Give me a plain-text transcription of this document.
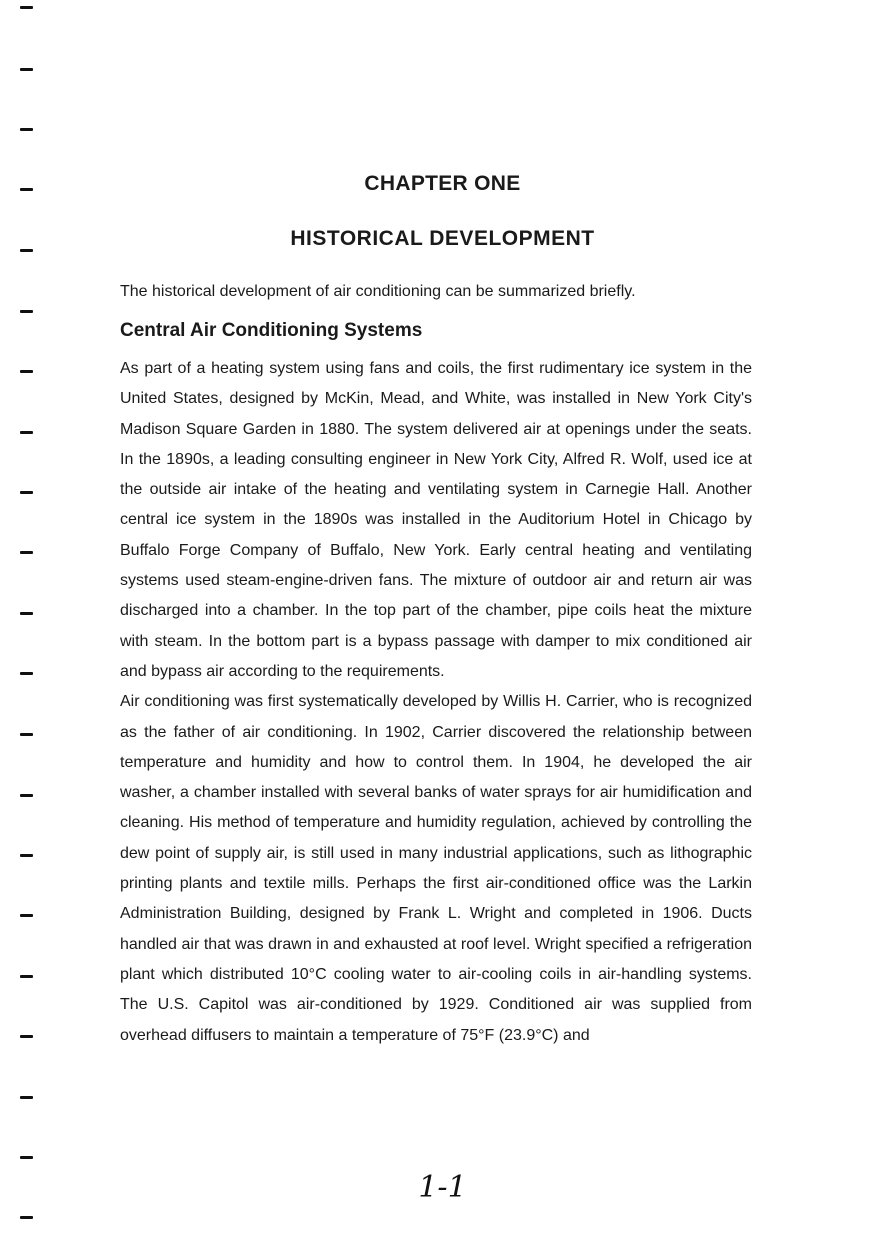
CHAPTER ONE
HISTORICAL DEVELOPMENT
The historical development of air conditioning can be summarized briefly.
Central Air Conditioning Systems

As part of a heating system using fans and coils, the first rudimentary ice system in the United States, designed by McKin, Mead, and White, was installed in New York City's Madison Square Garden in 1880. The system delivered air at openings under the seats. In the 1890s, a leading consulting engineer in New York City, Alfred R. Wolf, used ice at the outside air intake of the heating and ventilating system in Carnegie Hall. Another central ice system in the 1890s was installed in the Auditorium Hotel in Chicago by Buffalo Forge Company of Buffalo, New York. Early central heating and ventilating systems used steam-engine-driven fans. The mixture of outdoor air and return air was discharged into a chamber. In the top part of the chamber, pipe coils heat the mixture with steam. In the bottom part is a bypass passage with damper to mix conditioned air and bypass air according to the requirements.

Air conditioning was first systematically developed by Willis H. Carrier, who is recognized as the father of air conditioning. In 1902, Carrier discovered the relationship between temperature and humidity and how to control them. In 1904, he developed the air washer, a chamber installed with several banks of water sprays for air humidification and cleaning. His method of temperature and humidity regulation, achieved by controlling the dew point of supply air, is still used in many industrial applications, such as lithographic printing plants and textile mills. Perhaps the first air-conditioned office was the Larkin Administration Building, designed by Frank L. Wright and completed in 1906. Ducts handled air that was drawn in and exhausted at roof level. Wright specified a refrigeration plant which distributed 10°C cooling water to air-cooling coils in air-handling systems. The U.S. Capitol was air-conditioned by 1929. Conditioned air was supplied from overhead diffusers to maintain a temperature of 75°F (23.9°C) and

1-1
